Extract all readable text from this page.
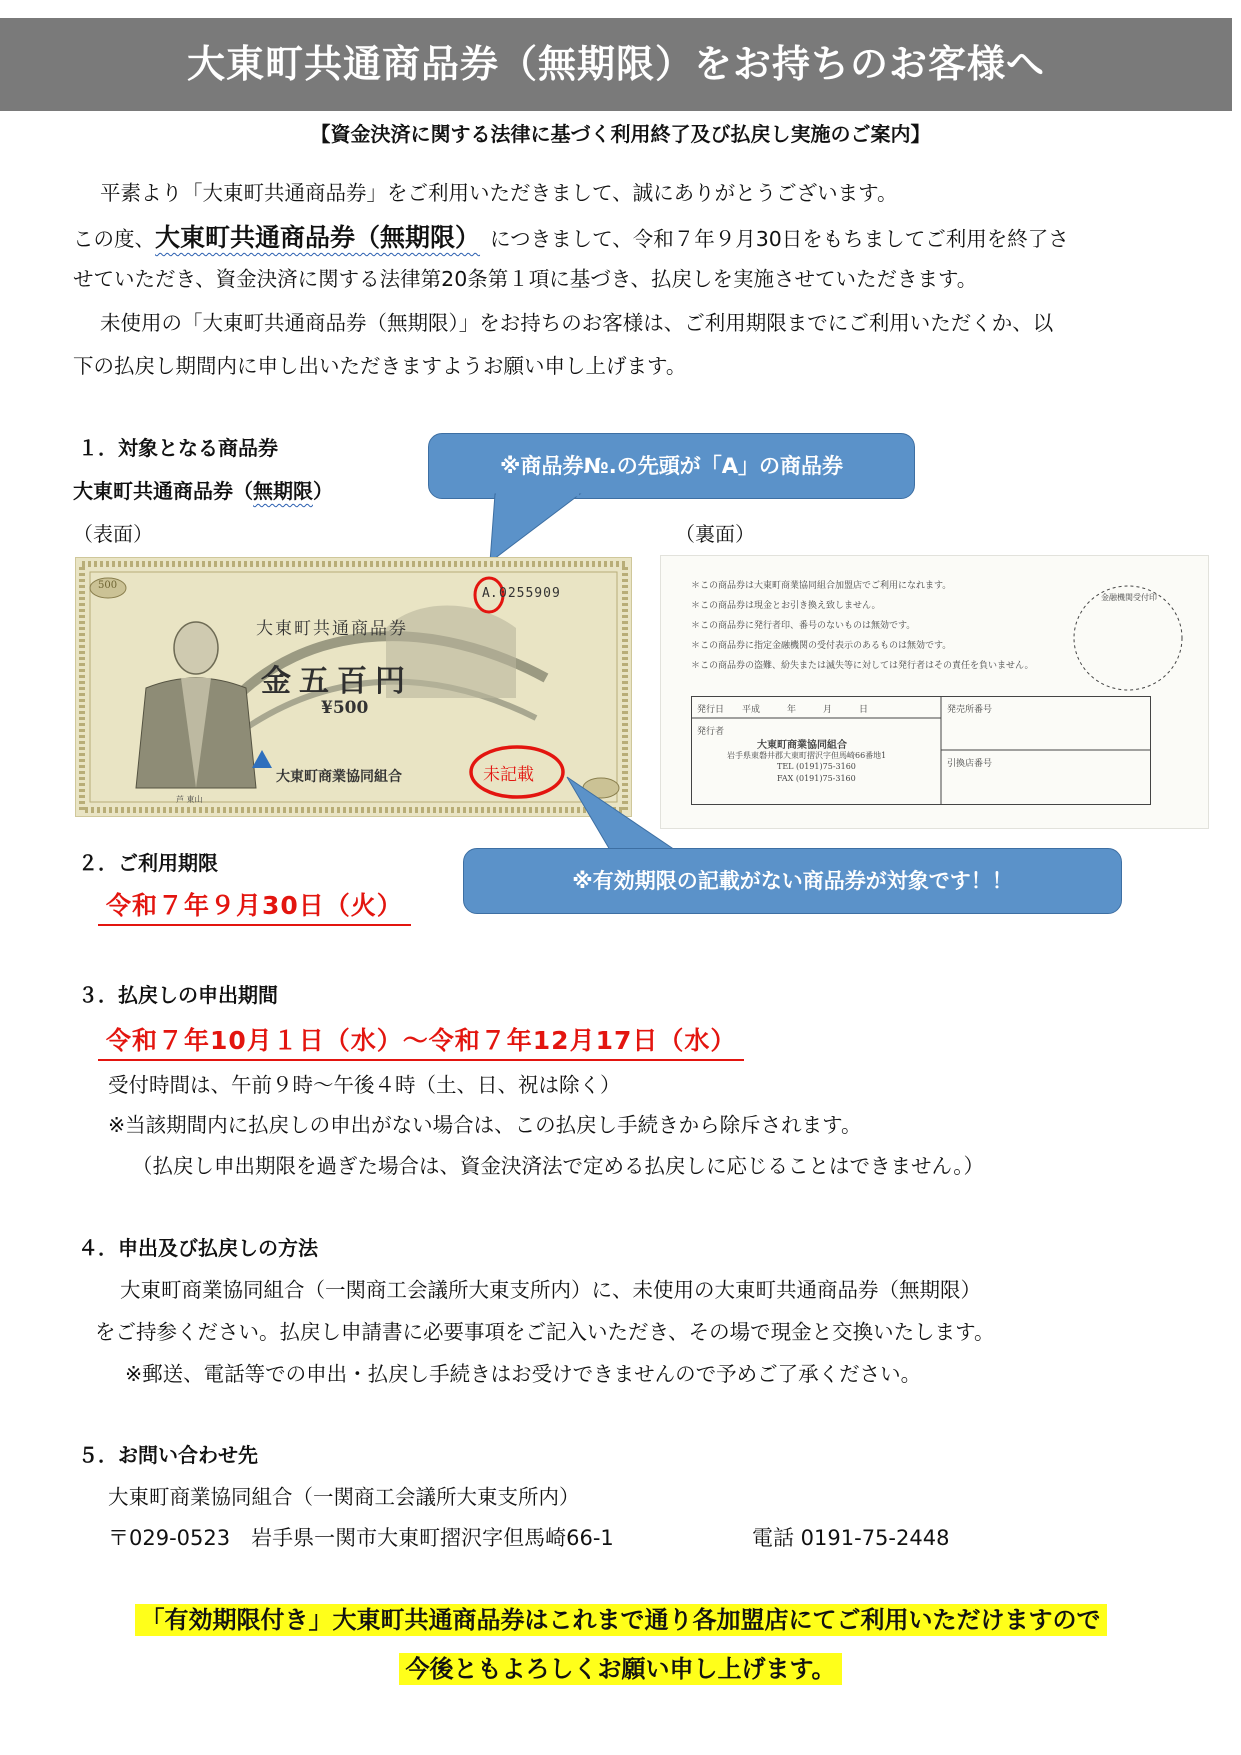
大東町共通商品券（無期限）をお持ちのお客様へ
【資金決済に関する法律に基づく利用終了及び払戻し実施のご案内】
平素より「大東町共通商品券」をご利用いただきまして、誠にありがとうございます。
この度、大東町共通商品券（無期限） につきまして、令和７年９月30日をもちましてご利用を終了さ
せていただき、資金決済に関する法律第20条第１項に基づき、払戻しを実施させていただきます。
未使用の「大東町共通商品券（無期限）」をお持ちのお客様は、ご利用期限までにご利用いただくか、以
下の払戻し期間内に申し出いただきますようお願い申し上げます。
１．対象となる商品券
大東町共通商品券（無期限）
（表面）	（裏面）
※商品券№.の先頭が「A」の商品券
500
A. 0255909
大東町共通商品券
金五百円
¥500
芦 東山
大東町商業協同組合	未記載
＊この商品券は大東町商業協同組合加盟店でご利用になれます。
＊この商品券は現金とお引き換え致しません。
＊この商品券に発行者印、番号のないものは無効です。
＊この商品券に指定金融機関の受付表示のあるものは無効です。
＊この商品券の盗難、紛失または滅失等に対しては発行者はその責任を負いません。
金融機関受付印
発行日　　平成　　　年　　　月　　　日
発行者
大東町商業協同組合
岩手県東磐井郡大東町摺沢字但馬崎66番地1
TEL (0191)75-3160
FAX (0191)75-3160
発売所番号
引換店番号
２．ご利用期限
令和７年９月30日（火）
※有効期限の記載がない商品券が対象です！！
３．払戻しの申出期間
令和７年10月１日（水）～令和７年12月17日（水）
受付時間は、午前９時～午後４時（土、日、祝は除く）
※当該期間内に払戻しの申出がない場合は、この払戻し手続きから除斥されます。
（払戻し申出期限を過ぎた場合は、資金決済法で定める払戻しに応じることはできません。）
４．申出及び払戻しの方法
大東町商業協同組合（一関商工会議所大東支所内）に、未使用の大東町共通商品券（無期限）
をご持参ください。払戻し申請書に必要事項をご記入いただき、その場で現金と交換いたします。
※郵送、電話等での申出・払戻し手続きはお受けできませんので予めご了承ください。
５．お問い合わせ先
大東町商業協同組合（一関商工会議所大東支所内）
〒029-0523　岩手県一関市大東町摺沢字但馬崎66-1	電話 0191-75-2448
「有効期限付き」大東町共通商品券はこれまで通り各加盟店にてご利用いただけますので
今後ともよろしくお願い申し上げます。
